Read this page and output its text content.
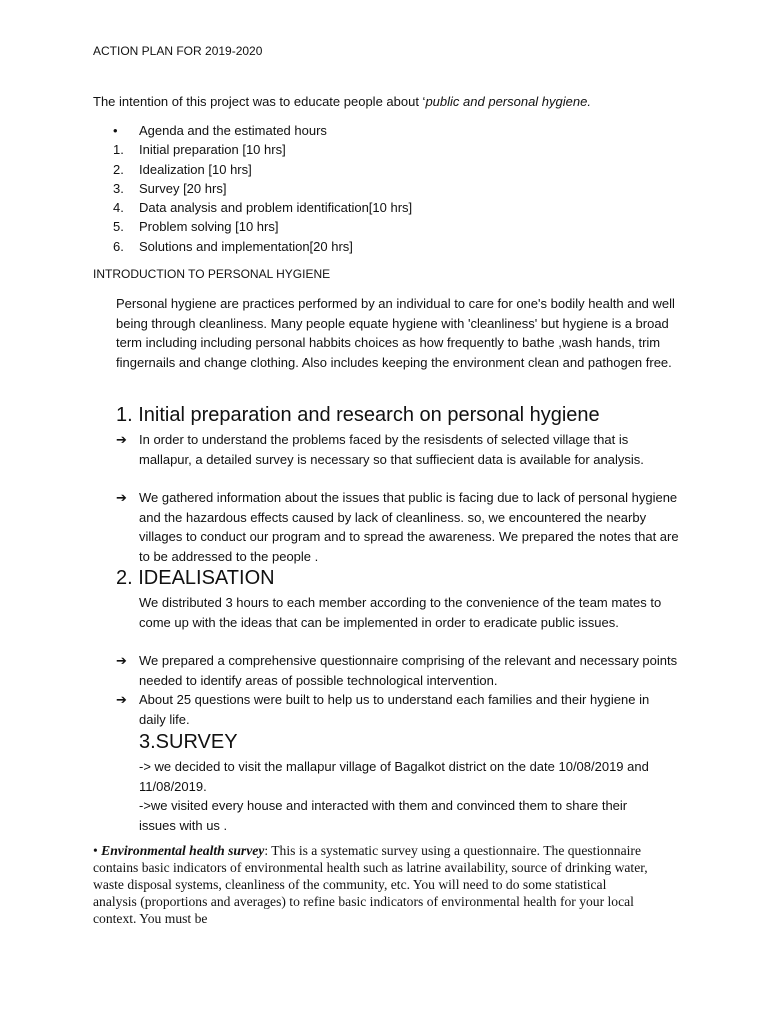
ACTION PLAN FOR 2019-2020
The intention of this project was to educate people about ‘public and personal hygiene.
• Agenda and the estimated hours
1. Initial preparation [10 hrs]
2. Idealization [10 hrs]
3. Survey [20 hrs]
4. Data analysis and problem identification[10 hrs]
5. Problem solving [10 hrs]
6. Solutions and implementation[20 hrs]
INTRODUCTION TO PERSONAL HYGIENE
Personal hygiene are practices performed by an individual to care for one's bodily health and well being through cleanliness. Many people equate hygiene with 'cleanliness' but hygiene is a broad term including including personal habbits choices as how frequently to bathe ,wash hands, trim fingernails and change clothing. Also includes keeping the environment clean and pathogen free.
1. Initial preparation and research on personal hygiene
➔ In order to understand the problems faced by the resisdents of selected village that is mallapur, a detailed survey is necessary so that suffiecient data is available for analysis.
➔ We gathered information about the issues that public is facing due to lack of personal hygiene and the hazardous effects caused by lack of cleanliness. so, we encountered the nearby villages to conduct our program and to spread the awareness. We prepared the notes that are to be addressed to the people .
2. IDEALISATION
We distributed 3 hours to each member according to the convenience of the team mates to come up with the ideas that can be implemented in order to eradicate public issues.
➔ We prepared a comprehensive questionnaire comprising of the relevant and necessary points needed to identify areas of possible technological intervention.
➔ About 25 questions were built to help us to understand each families and their hygiene in daily life.
3.SURVEY
-> we decided to visit the mallapur village of Bagalkot district on the date 10/08/2019 and 11/08/2019.
->we visited every house and interacted with them and convinced them to share their issues with us .
• Environmental health survey: This is a systematic survey using a questionnaire. The questionnaire contains basic indicators of environmental health such as latrine availability, source of drinking water, waste disposal systems, cleanliness of the community, etc. You will need to do some statistical analysis (proportions and averages) to refine basic indicators of environmental health for your local context. You must be
